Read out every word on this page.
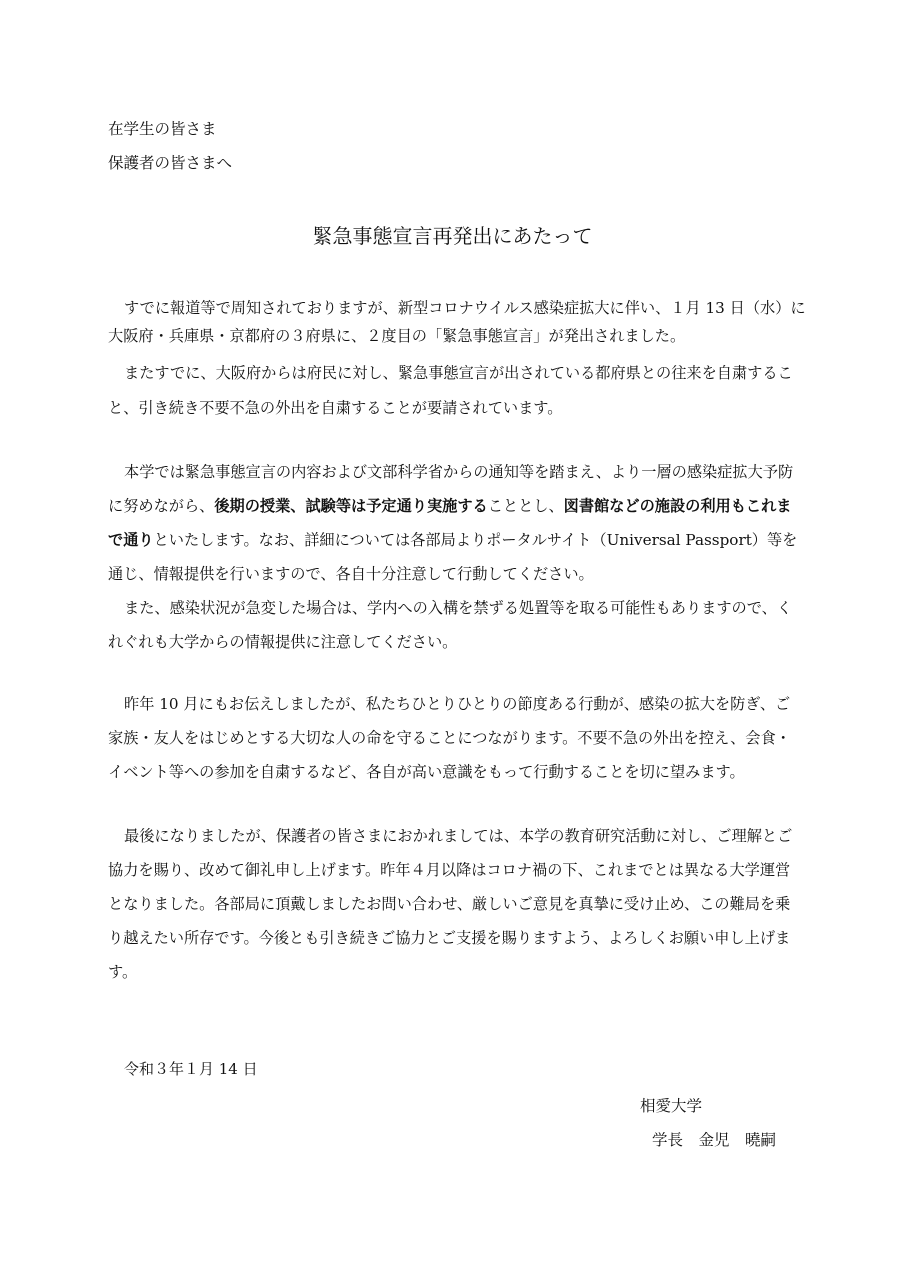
在学生の皆さま
保護者の皆さまへ
緊急事態宣言再発出にあたって
すでに報道等で周知されておりますが、新型コロナウイルス感染症拡大に伴い、１月 13 日（水）に
大阪府・兵庫県・京都府の３府県に、２度目の「緊急事態宣言」が発出されました。
またすでに、大阪府からは府民に対し、緊急事態宣言が出されている都府県との往来を自粛するこ
と、引き続き不要不急の外出を自粛することが要請されています。
本学では緊急事態宣言の内容および文部科学省からの通知等を踏まえ、より一層の感染症拡大予防
に努めながら、後期の授業、試験等は予定通り実施することとし、図書館などの施設の利用もこれま
で通りといたします。なお、詳細については各部局よりポータルサイト（Universal Passport）等を
通じ、情報提供を行いますので、各自十分注意して行動してください。
また、感染状況が急変した場合は、学内への入構を禁ずる処置等を取る可能性もありますので、く
れぐれも大学からの情報提供に注意してください。
昨年 10 月にもお伝えしましたが、私たちひとりひとりの節度ある行動が、感染の拡大を防ぎ、ご
家族・友人をはじめとする大切な人の命を守ることにつながります。不要不急の外出を控え、会食・
イベント等への参加を自粛するなど、各自が高い意識をもって行動することを切に望みます。
最後になりましたが、保護者の皆さまにおかれましては、本学の教育研究活動に対し、ご理解とご
協力を賜り、改めて御礼申し上げます。昨年４月以降はコロナ禍の下、これまでとは異なる大学運営
となりました。各部局に頂戴しましたお問い合わせ、厳しいご意見を真摯に受け止め、この難局を乗
り越えたい所存です。今後とも引き続きご協力とご支援を賜りますよう、よろしくお願い申し上げま
す。
令和３年１月 14 日
相愛大学
学長　金児　曉嗣
